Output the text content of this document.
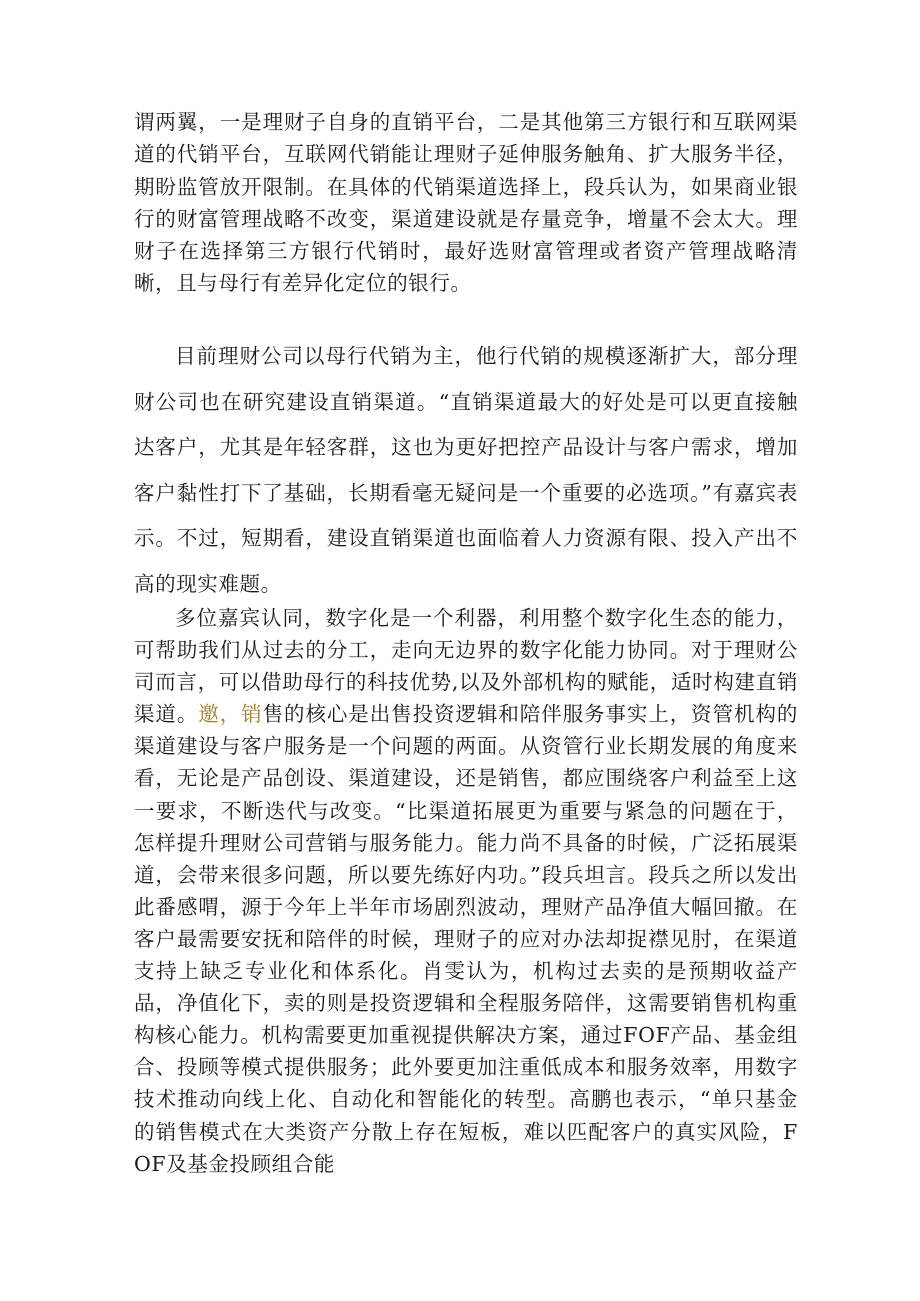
谓两翼，一是理财子自身的直销平台，二是其他第三方银行和互联网渠道的代销平台，互联网代销能让理财子延伸服务触角、扩大服务半径，期盼监管放开限制。在具体的代销渠道选择上，段兵认为，如果商业银行的财富管理战略不改变，渠道建设就是存量竞争，增量不会太大。理财子在选择第三方银行代销时，最好选财富管理或者资产管理战略清晰，且与母行有差异化定位的银行。

目前理财公司以母行代销为主，他行代销的规模逐渐扩大，部分理财公司也在研究建设直销渠道。“直销渠道最大的好处是可以更直接触达客户，尤其是年轻客群，这也为更好把控产品设计与客户需求，增加客户黏性打下了基础，长期看毫无疑问是一个重要的必选项。”有嘉宾表示。不过，短期看，建设直销渠道也面临着人力资源有限、投入产出不高的现实难题。

多位嘉宾认同，数字化是一个利器，利用整个数字化生态的能力，可帮助我们从过去的分工，走向无边界的数字化能力协同。对于理财公司而言，可以借助母行的科技优势,以及外部机构的赋能，适时构建直销渠道。邀，销售的核心是出售投资逻辑和陪伴服务事实上，资管机构的渠道建设与客户服务是一个问题的两面。从资管行业长期发展的角度来看，无论是产品创设、渠道建设，还是销售，都应围绕客户利益至上这一要求，不断迭代与改变。“比渠道拓展更为重要与紧急的问题在于，怎样提升理财公司营销与服务能力。能力尚不具备的时候，广泛拓展渠道，会带来很多问题，所以要先练好内功。”段兵坦言。段兵之所以发出此番感喟，源于今年上半年市场剧烈波动，理财产品净值大幅回撤。在客户最需要安抚和陪伴的时候，理财子的应对办法却捉襟见肘，在渠道支持上缺乏专业化和体系化。肖雯认为，机构过去卖的是预期收益产品，净值化下，卖的则是投资逻辑和全程服务陪伴，这需要销售机构重构核心能力。机构需要更加重视提供解决方案，通过FOF产品、基金组合、投顾等模式提供服务；此外要更加注重低成本和服务效率，用数字技术推动向线上化、自动化和智能化的转型。高鹏也表示，“单只基金的销售模式在大类资产分散上存在短板，难以匹配客户的真实风险，FOF及基金投顾组合能
